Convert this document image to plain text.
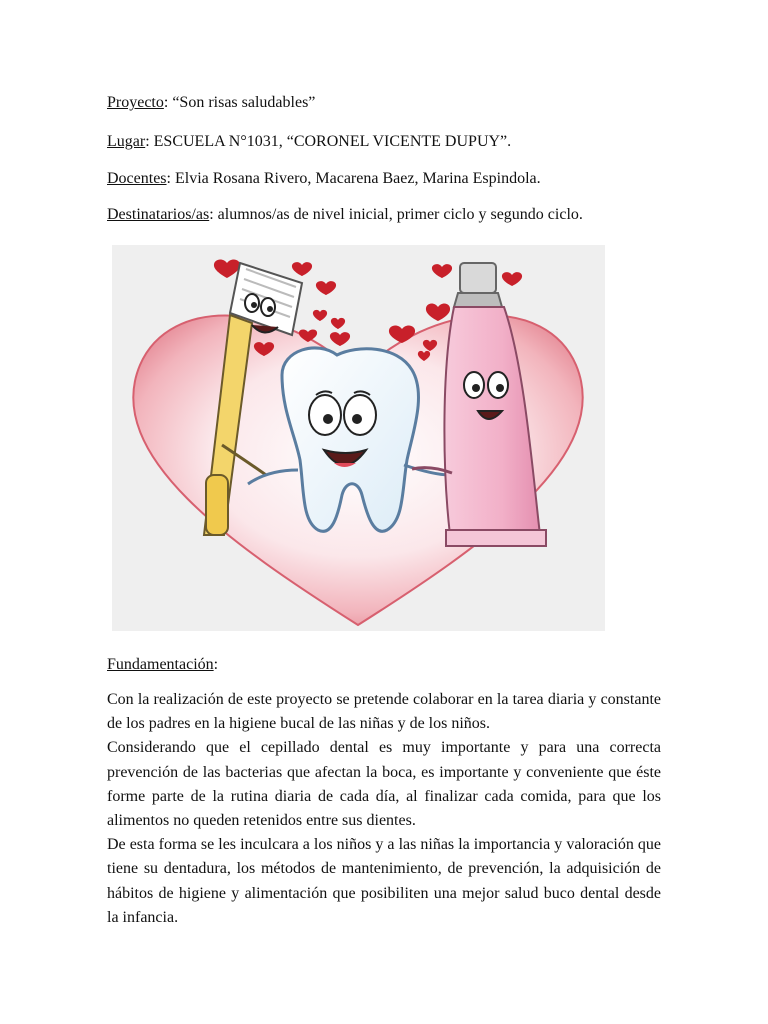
Proyecto: “Son risas saludables”
Lugar: ESCUELA N°1031, “CORONEL VICENTE DUPUY”.
Docentes: Elvia Rosana Rivero, Macarena Baez, Marina Espindola.
Destinatarios/as: alumnos/as de nivel inicial, primer ciclo y segundo ciclo.
Fundamentación:

Con la realización de este proyecto se pretende colaborar en la tarea diaria y constante de los padres en la higiene bucal de las niñas y de los niños.

Considerando que el cepillado dental es muy importante y para una correcta prevención de las bacterias que afectan la boca, es importante y conveniente que éste forme parte de la rutina diaria de cada día, al finalizar cada comida, para que los alimentos no queden retenidos entre sus dientes.

De esta forma se les inculcara a los niños y a las niñas la importancia y valoración que tiene su dentadura, los métodos de mantenimiento, de prevención, la adquisición de hábitos de higiene y alimentación que posibiliten una mejor salud buco dental desde la infancia.
